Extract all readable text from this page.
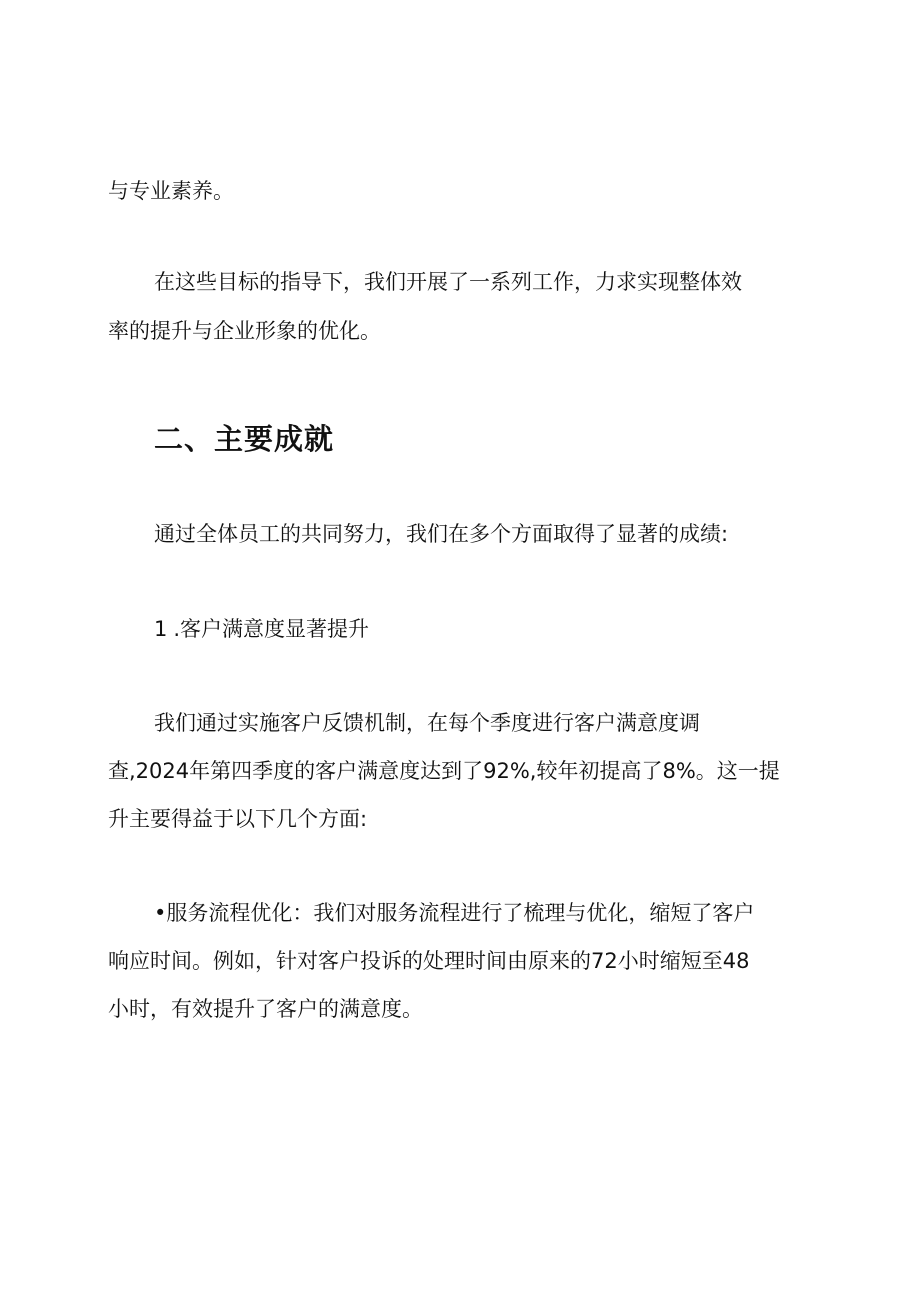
与专业素养。
在这些目标的指导下，我们开展了一系列工作，力求实现整体效
率的提升与企业形象的优化。
二、主要成就
通过全体员工的共同努力，我们在多个方面取得了显著的成绩:
1 .客户满意度显著提升
我们通过实施客户反馈机制，在每个季度进行客户满意度调
查,2024年第四季度的客户满意度达到了92%,较年初提高了8%。这一提
升主要得益于以下几个方面:
•服务流程优化：我们对服务流程进行了梳理与优化，缩短了客户
响应时间。例如，针对客户投诉的处理时间由原来的72小时缩短至48
小时，有效提升了客户的满意度。
